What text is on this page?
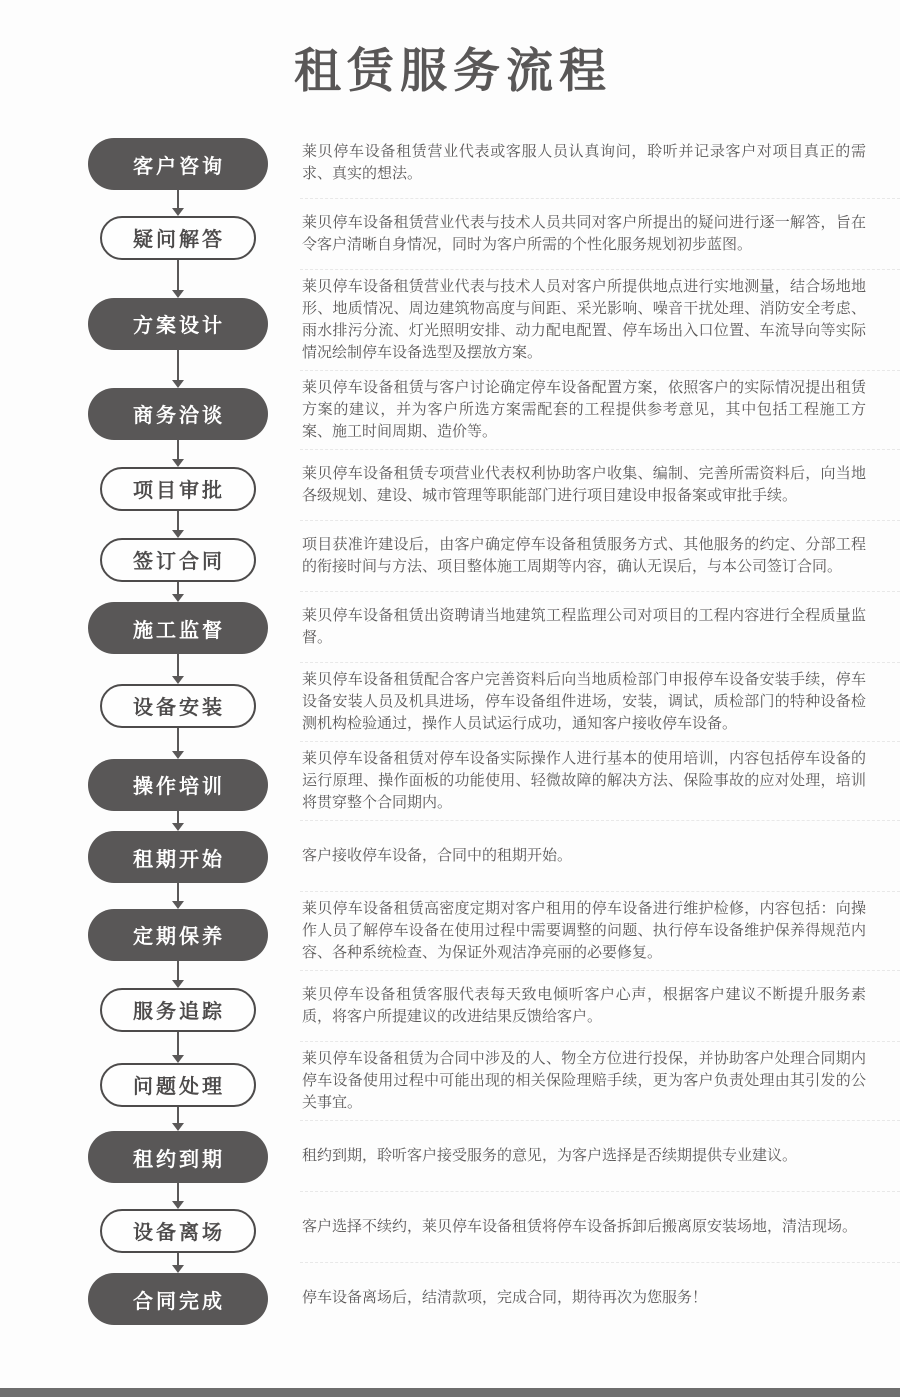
租赁服务流程
客户咨询

莱贝停车设备租赁营业代表或客服人员认真询问，聆听并记录客户对项目真正的需求、真实的想法。

疑问解答

莱贝停车设备租赁营业代表与技术人员共同对客户所提出的疑问进行逐一解答，旨在令客户清晰自身情况，同时为客户所需的个性化服务规划初步蓝图。

方案设计

莱贝停车设备租赁营业代表与技术人员对客户所提供地点进行实地测量，结合场地地形、地质情况、周边建筑物高度与间距、采光影响、噪音干扰处理、消防安全考虑、雨水排污分流、灯光照明安排、动力配电配置、停车场出入口位置、车流导向等实际情况绘制停车设备选型及摆放方案。

商务洽谈

莱贝停车设备租赁与客户讨论确定停车设备配置方案，依照客户的实际情况提出租赁方案的建议，并为客户所选方案需配套的工程提供参考意见，其中包括工程施工方案、施工时间周期、造价等。

项目审批

莱贝停车设备租赁专项营业代表权利协助客户收集、编制、完善所需资料后，向当地各级规划、建设、城市管理等职能部门进行项目建设申报备案或审批手续。

签订合同

项目获准许建设后，由客户确定停车设备租赁服务方式、其他服务的约定、分部工程的衔接时间与方法、项目整体施工周期等内容，确认无误后，与本公司签订合同。

施工监督

莱贝停车设备租赁出资聘请当地建筑工程监理公司对项目的工程内容进行全程质量监督。

设备安装

莱贝停车设备租赁配合客户完善资料后向当地质检部门申报停车设备安装手续，停车设备安装人员及机具进场，停车设备组件进场，安装，调试，质检部门的特种设备检测机构检验通过，操作人员试运行成功，通知客户接收停车设备。

操作培训

莱贝停车设备租赁对停车设备实际操作人进行基本的使用培训，内容包括停车设备的运行原理、操作面板的功能使用、轻微故障的解决方法、保险事故的应对处理，培训将贯穿整个合同期内。

租期开始	客户接收停车设备，合同中的租期开始。

定期保养

莱贝停车设备租赁高密度定期对客户租用的停车设备进行维护检修，内容包括：向操作人员了解停车设备在使用过程中需要调整的问题、执行停车设备维护保养得规范内容、各种系统检查、为保证外观洁净亮丽的必要修复。

服务追踪

莱贝停车设备租赁客服代表每天致电倾听客户心声，根据客户建议不断提升服务素质，将客户所提建议的改进结果反馈给客户。

问题处理

莱贝停车设备租赁为合同中涉及的人、物全方位进行投保，并协助客户处理合同期内停车设备使用过程中可能出现的相关保险理赔手续，更为客户负责处理由其引发的公关事宜。

租约到期	租约到期，聆听客户接受服务的意见，为客户选择是否续期提供专业建议。

设备离场	客户选择不续约，莱贝停车设备租赁将停车设备拆卸后搬离原安装场地，清洁现场。

合同完成	停车设备离场后，结清款项，完成合同，期待再次为您服务！
